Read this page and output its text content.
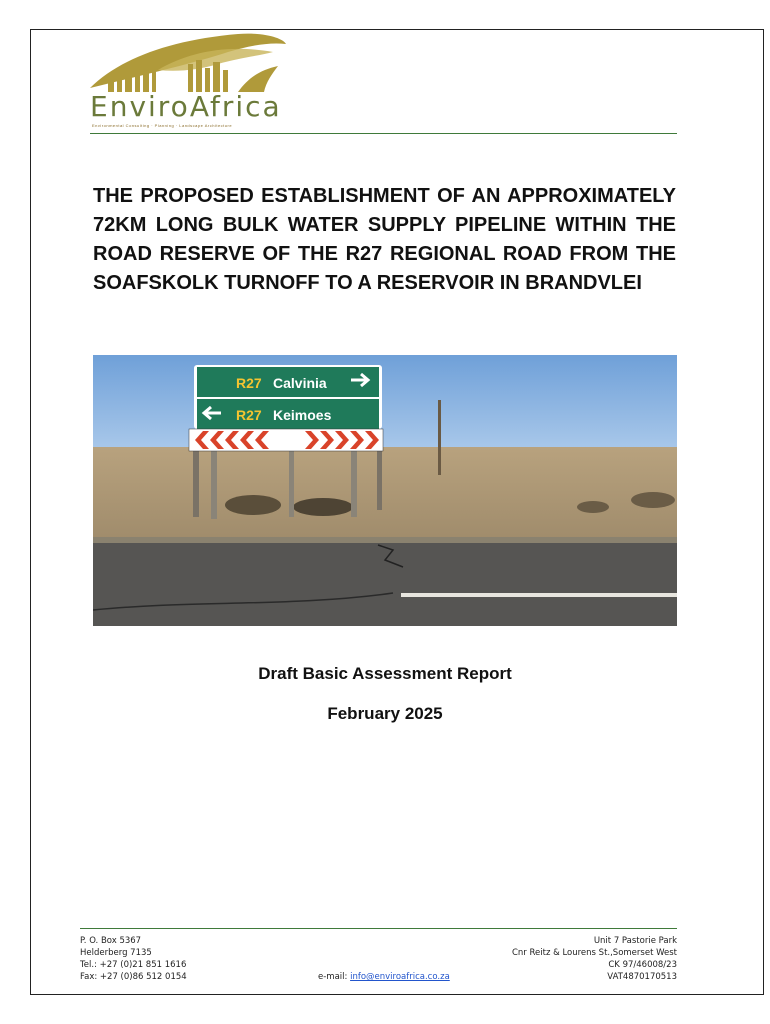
EnviroAfrica
Environmental Consulting · Planning · Landscape Architecture
THE PROPOSED ESTABLISHMENT OF AN APPROXIMATELY 72KM LONG BULK WATER SUPPLY PIPELINE WITHIN THE ROAD RESERVE OF THE R27 REGIONAL ROAD FROM THE SOAFSKOLK TURNOFF TO A RESERVOIR IN BRANDVLEI
R27 Calvinia
R27 Keimoes
Draft Basic Assessment Report
February 2025
P. O. Box 5367
Helderberg 7135
Tel.: +27 (0)21 851 1616
Fax: +27 (0)86 512 0154	e-mail: info@enviroafrica.co.za
Unit 7 Pastorie Park
Cnr Reitz & Lourens St.,Somerset West
CK 97/46008/23
VAT4870170513
